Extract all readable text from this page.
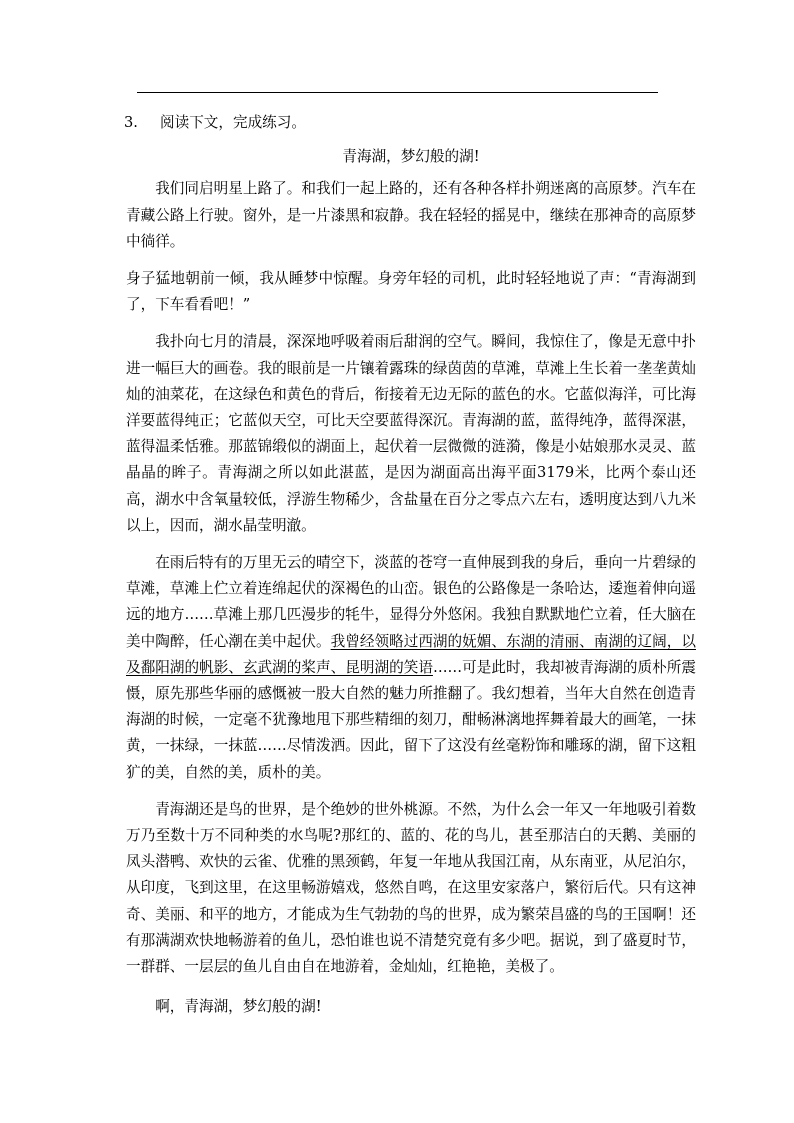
3. 阅读下文，完成练习。

青海湖，梦幻般的湖!

我们同启明星上路了。和我们一起上路的，还有各种各样扑朔迷离的高原梦。汽车在青藏公路上行驶。窗外，是一片漆黑和寂静。我在轻轻的摇晃中，继续在那神奇的高原梦中徜徉。

身子猛地朝前一倾，我从睡梦中惊醒。身旁年轻的司机，此时轻轻地说了声：“青海湖到了，下车看看吧！”

我扑向七月的清晨，深深地呼吸着雨后甜润的空气。瞬间，我惊住了，像是无意中扑进一幅巨大的画卷。我的眼前是一片镶着露珠的绿茵茵的草滩，草滩上生长着一垄垄黄灿灿的油菜花，在这绿色和黄色的背后，衔接着无边无际的蓝色的水。它蓝似海洋，可比海洋要蓝得纯正；它蓝似天空，可比天空要蓝得深沉。青海湖的蓝，蓝得纯净，蓝得深湛，蓝得温柔恬雅。那蓝锦缎似的湖面上，起伏着一层微微的涟漪，像是小姑娘那水灵灵、蓝晶晶的眸子。青海湖之所以如此湛蓝，是因为湖面高出海平面3179米，比两个泰山还高，湖水中含氧量较低，浮游生物稀少，含盐量在百分之零点六左右，透明度达到八九米以上，因而，湖水晶莹明澈。

在雨后特有的万里无云的晴空下，淡蓝的苍穹一直伸展到我的身后，垂向一片碧绿的草滩，草滩上伫立着连绵起伏的深褐色的山峦。银色的公路像是一条哈达，逶迤着伸向遥远的地方……草滩上那几匹漫步的牦牛，显得分外悠闲。我独自默默地伫立着，任大脑在美中陶醉，任心潮在美中起伏。我曾经领略过西湖的妩媚、东湖的清丽、南湖的辽阔，以及鄱阳湖的帆影、玄武湖的桨声、昆明湖的笑语……可是此时，我却被青海湖的质朴所震慑，原先那些华丽的感慨被一股大自然的魅力所推翻了。我幻想着，当年大自然在创造青海湖的时候，一定毫不犹豫地甩下那些精细的刻刀，酣畅淋漓地挥舞着最大的画笔，一抹黄，一抹绿，一抹蓝……尽情泼洒。因此，留下了这没有丝毫粉饰和雕琢的湖，留下这粗犷的美，自然的美，质朴的美。

青海湖还是鸟的世界，是个绝妙的世外桃源。不然，为什么会一年又一年地吸引着数万乃至数十万不同种类的水鸟呢?那红的、蓝的、花的鸟儿，甚至那洁白的天鹅、美丽的凤头潜鸭、欢快的云雀、优雅的黑颈鹤，年复一年地从我国江南，从东南亚，从尼泊尔，从印度，飞到这里，在这里畅游嬉戏，悠然自鸣，在这里安家落户，繁衍后代。只有这神奇、美丽、和平的地方，才能成为生气勃勃的鸟的世界，成为繁荣昌盛的鸟的王国啊！还有那满湖欢快地畅游着的鱼儿，恐怕谁也说不清楚究竟有多少吧。据说，到了盛夏时节，一群群、一层层的鱼儿自由自在地游着，金灿灿，红艳艳，美极了。

啊，青海湖，梦幻般的湖!
